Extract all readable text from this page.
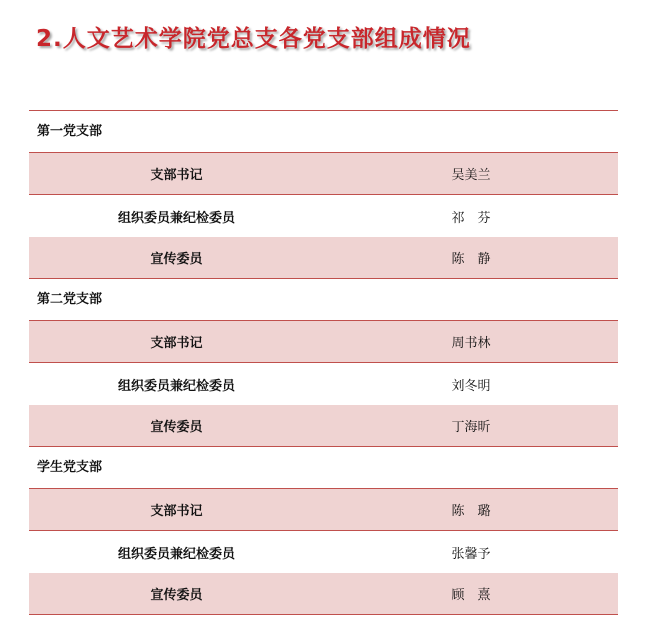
2.人文艺术学院党总支各党支部组成情况
第一党支部
支部书记	吴美兰
组织委员兼纪检委员	祁　芬
宣传委员	陈　静
第二党支部
支部书记	周书林
组织委员兼纪检委员	刘冬明
宣传委员	丁海昕
学生党支部
支部书记	陈　璐
组织委员兼纪检委员	张馨予
宣传委员	顾　熹
